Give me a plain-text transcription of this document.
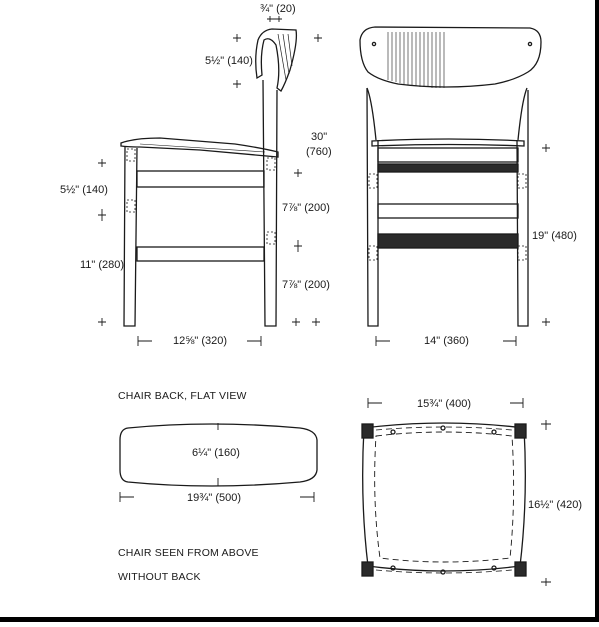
¾" (20)
5½" (140)
30"
(760)
5½" (140)
11" (280)
7⅞" (200)
7⅞" (200)
12⅝" (320)	14" (360)
19" (480)
6¼" (160)
19¾" (500)
15¾" (400)
16½" (420)
CHAIR BACK, FLAT VIEW
CHAIR SEEN FROM ABOVE
WITHOUT BACK
